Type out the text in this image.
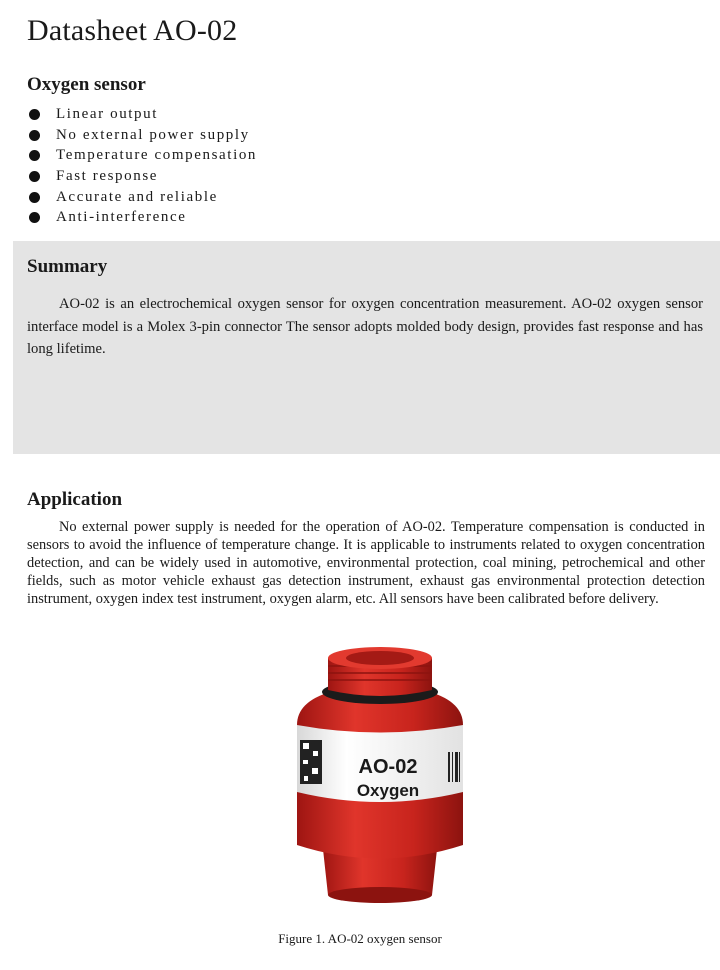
Datasheet AO-02
Oxygen sensor
Linear output
No external power supply
Temperature compensation
Fast response
Accurate and reliable
Anti-interference
Summary

AO-02 is an electrochemical oxygen sensor for oxygen concentration measurement. AO-02 oxygen sensor interface model is a Molex 3-pin connector The sensor adopts molded body design, provides fast response and has long lifetime.

Application

No external power supply is needed for the operation of AO-02. Temperature compensation is conducted in sensors to avoid the influence of temperature change. It is applicable to instruments related to oxygen concentration detection, and can be widely used in automotive, environmental protection, coal mining, petrochemical and other fields, such as motor vehicle exhaust gas detection instrument, exhaust gas environmental protection detection instrument, oxygen index test instrument, oxygen alarm, etc. All sensors have been calibrated before delivery.

AO-02
Oxygen
Figure 1. AO-02 oxygen sensor
